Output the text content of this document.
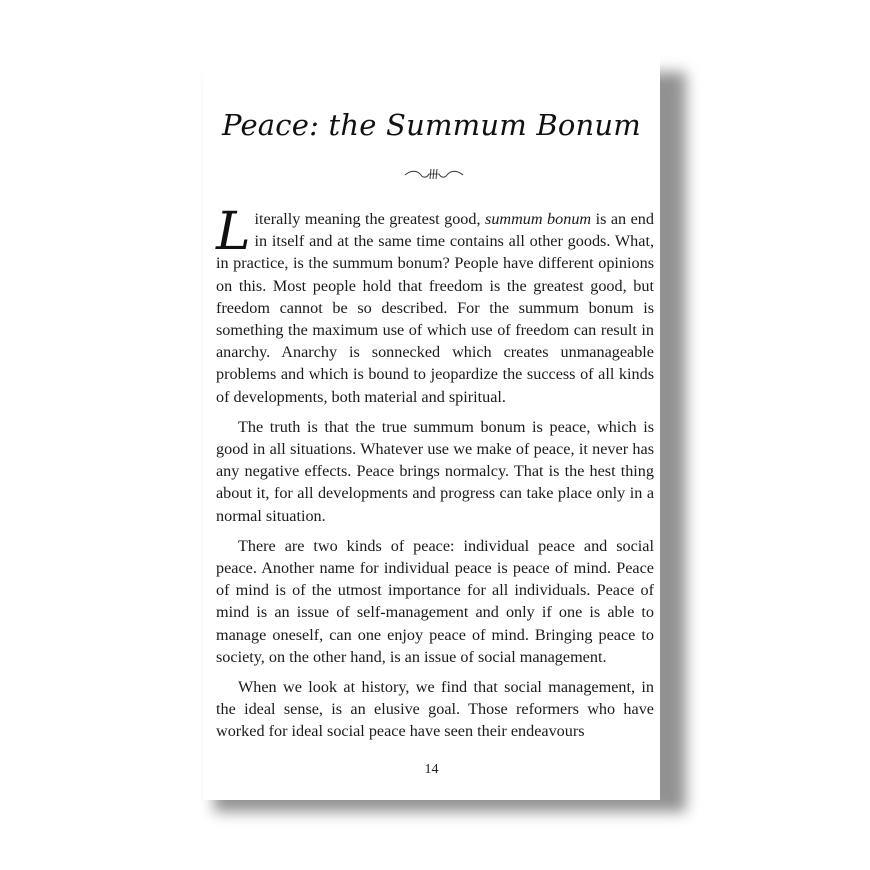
Peace: the Summum Bonum

Literally meaning the greatest good, summum bonum is an end in itself and at the same time contains all other goods. What, in practice, is the summum bonum? People have different opinions on this. Most people hold that freedom is the greatest good, but freedom cannot be so described. For the summum bonum is something the maximum use of which use of freedom can result in anarchy. Anarchy is sonnecked which creates unmanageable problems and which is bound to jeopardize the success of all kinds of developments, both material and spiritual.

The truth is that the true summum bonum is peace, which is good in all situations. Whatever use we make of peace, it never has any negative effects. Peace brings normalcy. That is the hest thing about it, for all developments and progress can take place only in a normal situation.

There are two kinds of peace: individual peace and social peace. Another name for individual peace is peace of mind. Peace of mind is of the utmost importance for all individuals. Peace of mind is an issue of self-management and only if one is able to manage oneself, can one enjoy peace of mind. Bringing peace to society, on the other hand, is an issue of social management.

When we look at history, we find that social management, in the ideal sense, is an elusive goal. Those reformers who have worked for ideal social peace have seen their endeavours

14
